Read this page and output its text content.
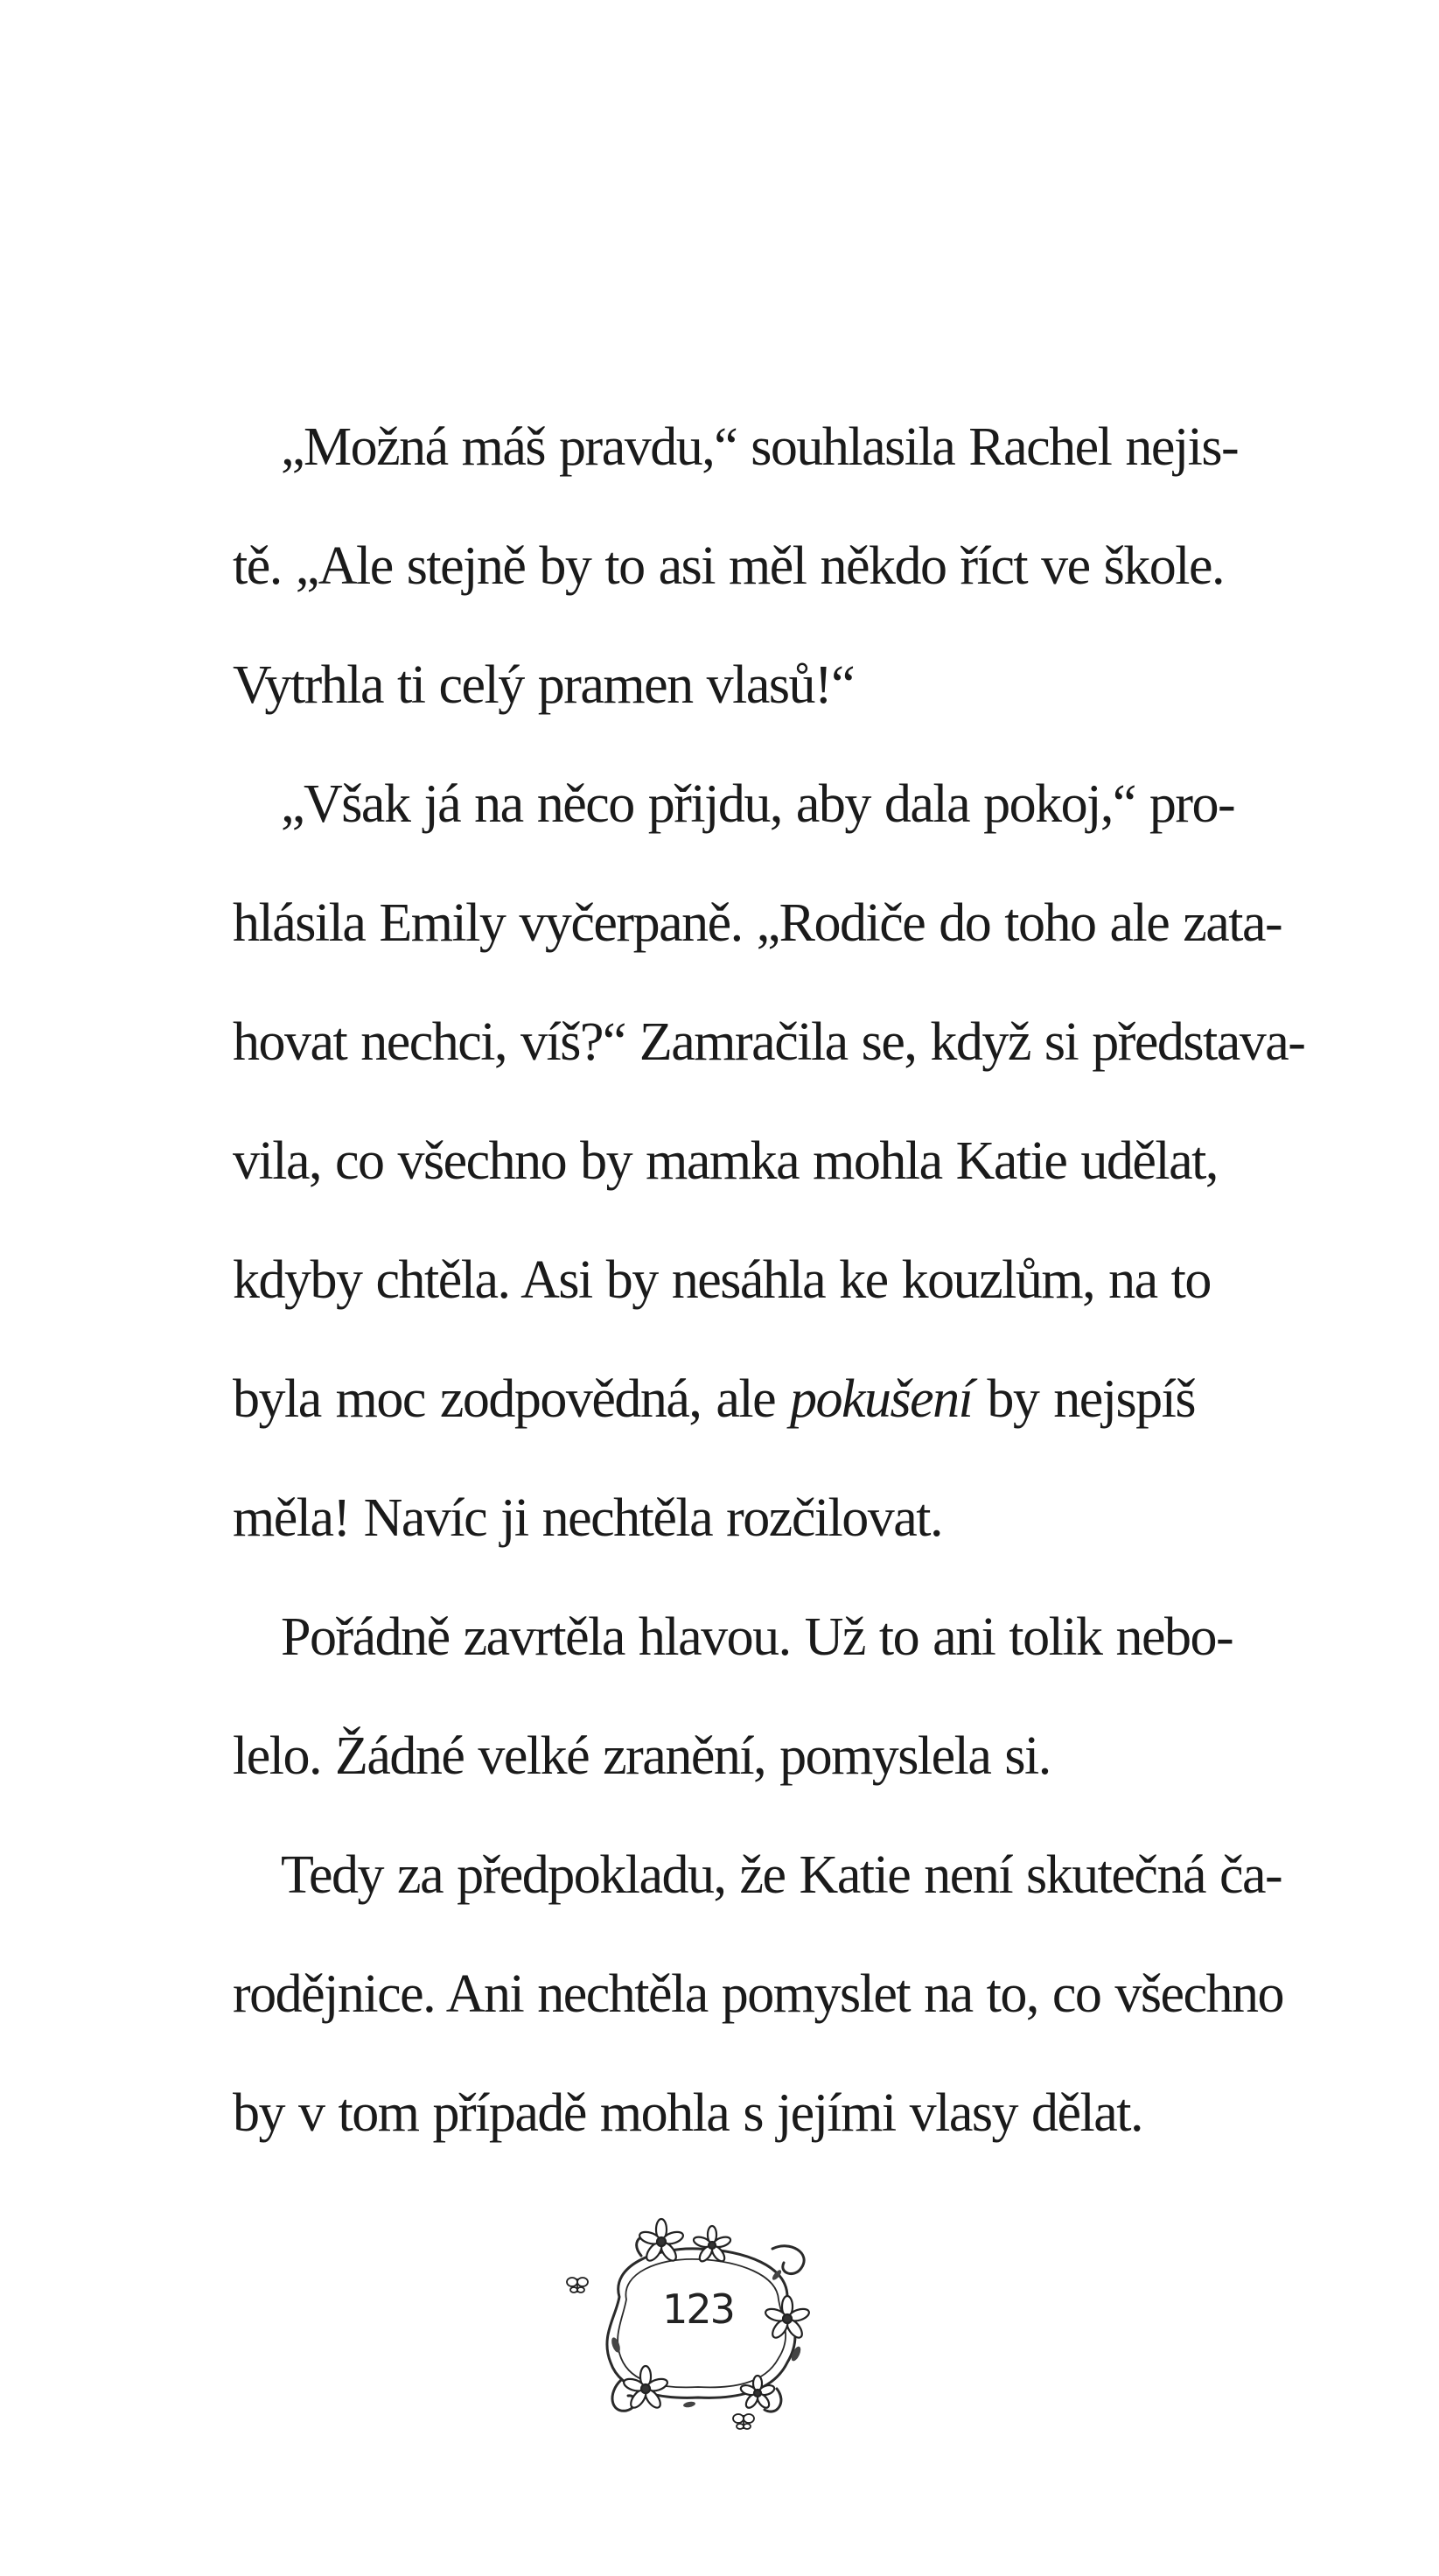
„Možná máš pravdu,“ souhlasila Rachel nejis-
tě. „Ale stejně by to asi měl někdo říct ve škole.
Vytrhla ti celý pramen vlasů!“
„Však já na něco přijdu, aby dala pokoj,“ pro-
hlásila Emily vyčerpaně. „Rodiče do toho ale zata-
hovat nechci, víš?“ Zamračila se, když si představa-
vila, co všechno by mamka mohla Katie udělat,
kdyby chtěla. Asi by nesáhla ke kouzlům, na to
byla moc zodpovědná, ale pokušení by nejspíš
měla! Navíc ji nechtěla rozčilovat.
Pořádně zavrtěla hlavou. Už to ani tolik nebo-
lelo. Žádné velké zranění, pomyslela si.
Tedy za předpokladu, že Katie není skutečná ča-
rodějnice. Ani nechtěla pomyslet na to, co všechno
by v tom případě mohla s jejími vlasy dělat.
123
